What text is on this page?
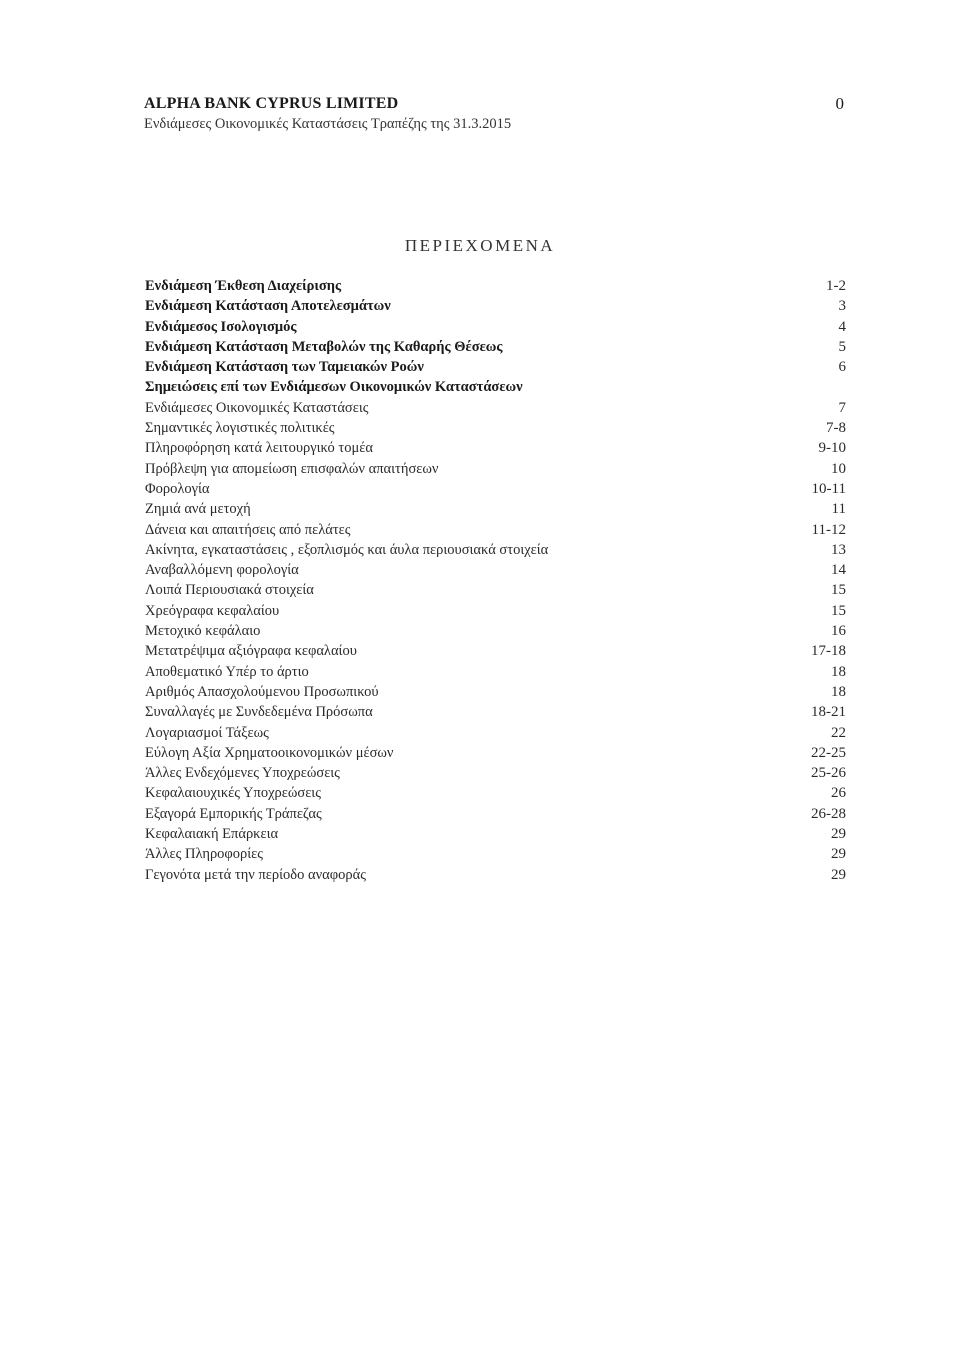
ALPHA BANK CYPRUS LIMITED
Ενδιάμεσες Οικονομικές Καταστάσεις Τραπέζης της 31.3.2015
0
ΠΕΡΙΕΧΟΜΕΝΑ
Ενδιάμεση Έκθεση Διαχείρισης	1-2
Ενδιάμεση Κατάσταση Αποτελεσμάτων	3
Ενδιάμεσος Ισολογισμός	4
Ενδιάμεση Κατάσταση Μεταβολών της Καθαρής Θέσεως	5
Ενδιάμεση Κατάσταση των Ταμειακών Ροών	6
Σημειώσεις επί των Ενδιάμεσων Οικονομικών Καταστάσεων
Ενδιάμεσες Οικονομικές Καταστάσεις	7
Σημαντικές λογιστικές πολιτικές	7-8
Πληροφόρηση κατά λειτουργικό τομέα	9-10
Πρόβλεψη για απομείωση επισφαλών απαιτήσεων	10
Φορολογία	10-11
Ζημιά ανά μετοχή	11
Δάνεια και απαιτήσεις από πελάτες	11-12
Ακίνητα, εγκαταστάσεις , εξοπλισμός και άυλα περιουσιακά στοιχεία	13
Αναβαλλόμενη φορολογία	14
Λοιπά Περιουσιακά στοιχεία	15
Χρεόγραφα κεφαλαίου	15
Μετοχικό κεφάλαιο	16
Μετατρέψιμα αξιόγραφα κεφαλαίου	17-18
Αποθεματικό Υπέρ το άρτιο	18
Αριθμός Απασχολούμενου Προσωπικού	18
Συναλλαγές με Συνδεδεμένα Πρόσωπα	18-21
Λογαριασμοί Τάξεως	22
Εύλογη Αξία Χρηματοοικονομικών μέσων	22-25
Άλλες Ενδεχόμενες Υποχρεώσεις	25-26
Κεφαλαιουχικές Υποχρεώσεις	26
Εξαγορά Εμπορικής Τράπεζας	26-28
Κεφαλαιακή Επάρκεια	29
Άλλες Πληροφορίες	29
Γεγονότα μετά την περίοδο αναφοράς	29
